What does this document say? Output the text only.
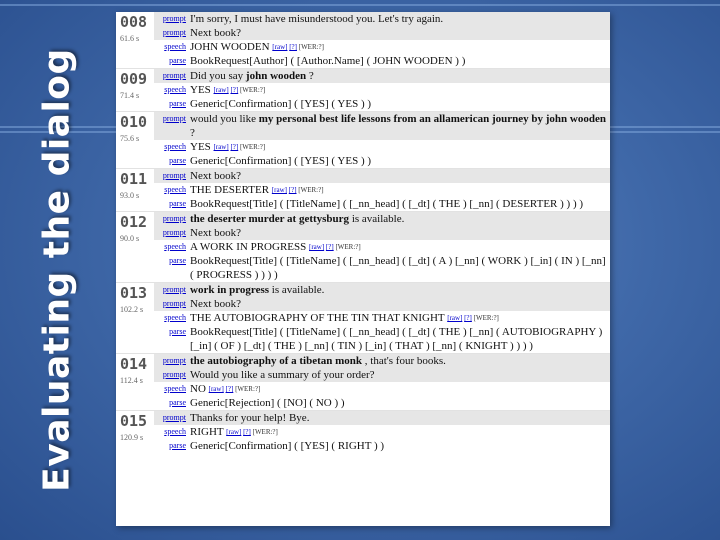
Evaluating the dialog
008
61.6 s
prompt I'm sorry, I must have misunderstood you. Let's try again.
prompt Next book?
speech JOHN WOODEN [raw] [?] [WER:?]
parse BookRequest[Author] ( [Author.Name] ( JOHN WOODEN ) )
009
71.4 s
prompt Did you say john wooden ?
speech YES [raw] [?] [WER:?]
parse Generic[Confirmation] ( [YES] ( YES ) )
010
75.6 s
prompt would you like my personal best life lessons from an allamerican journey by john wooden ?
speech YES [raw] [?] [WER:?]
parse Generic[Confirmation] ( [YES] ( YES ) )
011
93.0 s
prompt Next book?
speech THE DESERTER [raw] [?] [WER:?]
parse BookRequest[Title] ( [TitleName] ( [_nn_head] ( [_dt] ( THE ) [_nn] ( DESERTER ) ) ) )
012
90.0 s
prompt the deserter murder at gettysburg is available.
prompt Next book?
speech A WORK IN PROGRESS [raw] [?] [WER:?]
parse BookRequest[Title] ( [TitleName] ( [_nn_head] ( [_dt] ( A ) [_nn] ( WORK ) [_in] ( IN ) [_nn] ( PROGRESS ) ) ) )
013
102.2 s
prompt work in progress is available.
prompt Next book?
speech THE AUTOBIOGRAPHY OF THE TIN THAT KNIGHT [raw] [?] [WER:?]
parse BookRequest[Title] ( [TitleName] ( [_nn_head] ( [_dt] ( THE ) [_nn] ( AUTOBIOGRAPHY ) [_in] ( OF ) [_dt] ( THE ) [_nn] ( TIN ) [_in] ( THAT ) [_nn] ( KNIGHT ) ) ) )
014
112.4 s
prompt the autobiography of a tibetan monk , that's four books.
prompt Would you like a summary of your order?
speech NO [raw] [?] [WER:?]
parse Generic[Rejection] ( [NO] ( NO ) )
015
120.9 s
prompt Thanks for your help! Bye.
speech RIGHT [raw] [?] [WER:?]
parse Generic[Confirmation] ( [YES] ( RIGHT ) )
